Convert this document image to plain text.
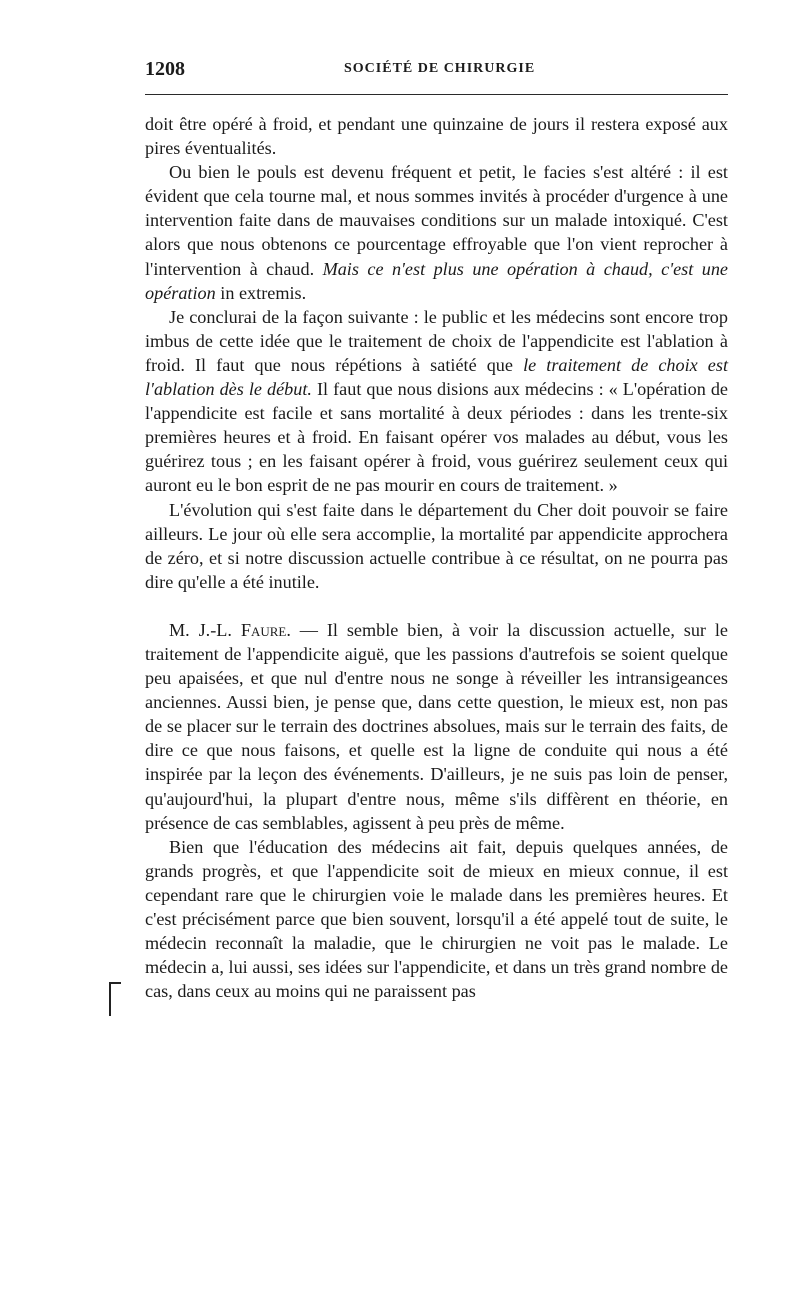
1208	SOCIÉTÉ DE CHIRURGIE

doit être opéré à froid, et pendant une quinzaine de jours il restera exposé aux pires éventualités.

Ou bien le pouls est devenu fréquent et petit, le facies s'est altéré : il est évident que cela tourne mal, et nous sommes invités à procéder d'urgence à une intervention faite dans de mauvaises conditions sur un malade intoxiqué. C'est alors que nous obtenons ce pourcentage effroyable que l'on vient reprocher à l'intervention à chaud. Mais ce n'est plus une opération à chaud, c'est une opération in extremis.

Je conclurai de la façon suivante : le public et les médecins sont encore trop imbus de cette idée que le traitement de choix de l'appendicite est l'ablation à froid. Il faut que nous répétions à satiété que le traitement de choix est l'ablation dès le début. Il faut que nous disions aux médecins : « L'opération de l'appendicite est facile et sans mortalité à deux périodes : dans les trente-six premières heures et à froid. En faisant opérer vos malades au début, vous les guérirez tous ; en les faisant opérer à froid, vous guérirez seulement ceux qui auront eu le bon esprit de ne pas mourir en cours de traitement. »

L'évolution qui s'est faite dans le département du Cher doit pouvoir se faire ailleurs. Le jour où elle sera accomplie, la mortalité par appendicite approchera de zéro, et si notre discussion actuelle contribue à ce résultat, on ne pourra pas dire qu'elle a été inutile.

M. J.-L. Faure. — Il semble bien, à voir la discussion actuelle, sur le traitement de l'appendicite aiguë, que les passions d'autrefois se soient quelque peu apaisées, et que nul d'entre nous ne songe à réveiller les intransigeances anciennes. Aussi bien, je pense que, dans cette question, le mieux est, non pas de se placer sur le terrain des doctrines absolues, mais sur le terrain des faits, de dire ce que nous faisons, et quelle est la ligne de conduite qui nous a été inspirée par la leçon des événements. D'ailleurs, je ne suis pas loin de penser, qu'aujourd'hui, la plupart d'entre nous, même s'ils diffèrent en théorie, en présence de cas semblables, agissent à peu près de même.

Bien que l'éducation des médecins ait fait, depuis quelques années, de grands progrès, et que l'appendicite soit de mieux en mieux connue, il est cependant rare que le chirurgien voie le malade dans les premières heures. Et c'est précisément parce que bien souvent, lorsqu'il a été appelé tout de suite, le médecin reconnaît la maladie, que le chirurgien ne voit pas le malade. Le médecin a, lui aussi, ses idées sur l'appendicite, et dans un très grand nombre de cas, dans ceux au moins qui ne paraissent pas
